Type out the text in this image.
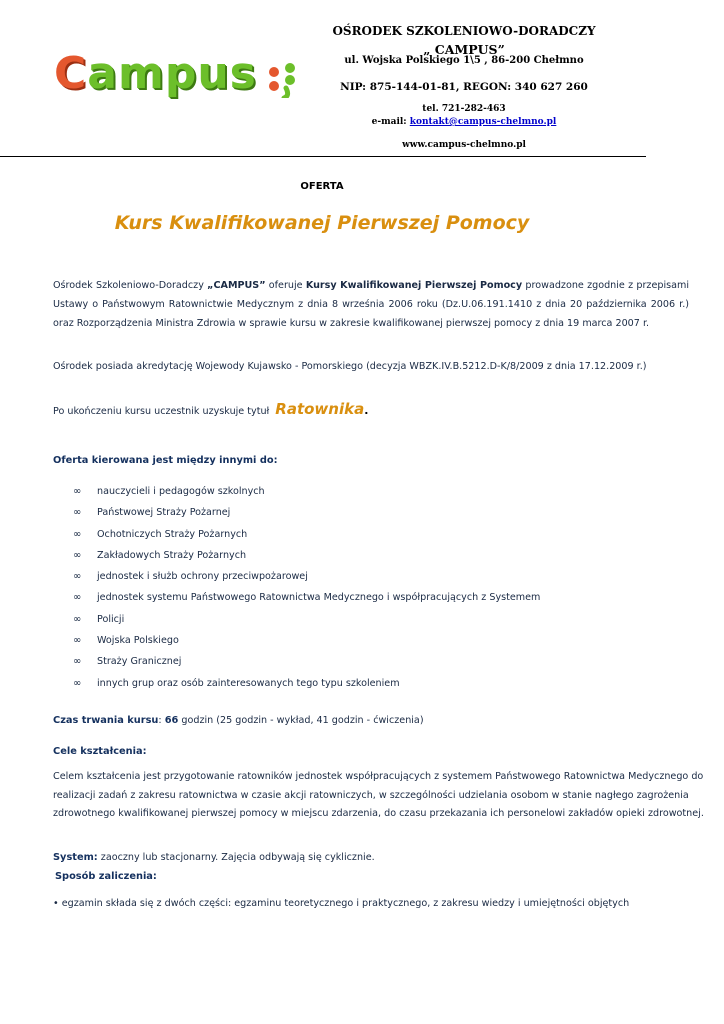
Campus
OŚRODEK SZKOLENIOWO-DORADCZY
„ CAMPUS”
ul. Wojska Polskiego 1\5 , 86-200 Chełmno
NIP: 875-144-01-81, REGON: 340 627 260
tel. 721-282-463
e-mail: kontakt@campus-chelmno.pl
www.campus-chelmno.pl
OFERTA
Kurs Kwalifikowanej Pierwszej Pomocy
Ośrodek Szkoleniowo-Doradczy „CAMPUS” oferuje Kursy Kwalifikowanej Pierwszej Pomocy prowadzone zgodnie z przepisami Ustawy o Państwowym Ratownictwie Medycznym z dnia 8 września 2006 roku (Dz.U.06.191.1410 z dnia 20 października 2006 r.) oraz Rozporządzenia Ministra Zdrowia w sprawie kursu w zakresie kwalifikowanej pierwszej pomocy z dnia 19 marca 2007 r.
Ośrodek posiada akredytację Wojewody Kujawsko - Pomorskiego (decyzja WBZK.IV.B.5212.D-K/8/2009 z dnia 17.12.2009 r.)
Po ukończeniu kursu uczestnik uzyskuje tytuł Ratownika.
Oferta kierowana jest między innymi do:
∞ nauczycieli i pedagogów szkolnych
∞ Państwowej Straży Pożarnej
∞ Ochotniczych Straży Pożarnych
∞ Zakładowych Straży Pożarnych
∞ jednostek i służb ochrony przeciwpożarowej
∞ jednostek systemu Państwowego Ratownictwa Medycznego i współpracujących z Systemem
∞ Policji
∞ Wojska Polskiego
∞ Straży Granicznej
∞ innych grup oraz osób zainteresowanych tego typu szkoleniem
Czas trwania kursu: 66 godzin (25 godzin - wykład, 41 godzin - ćwiczenia)
Cele kształcenia:
Celem kształcenia jest przygotowanie ratowników jednostek współpracujących z systemem Państwowego Ratownictwa Medycznego do realizacji zadań z zakresu ratownictwa w czasie akcji ratowniczych, w szczególności udzielania osobom w stanie nagłego zagrożenia zdrowotnego kwalifikowanej pierwszej pomocy w miejscu zdarzenia, do czasu przekazania ich personelowi zakładów opieki zdrowotnej.
System: zaoczny lub stacjonarny. Zajęcia odbywają się cyklicznie.
Sposób zaliczenia:
• egzamin składa się z dwóch części: egzaminu teoretycznego i praktycznego, z zakresu wiedzy i umiejętności objętych
